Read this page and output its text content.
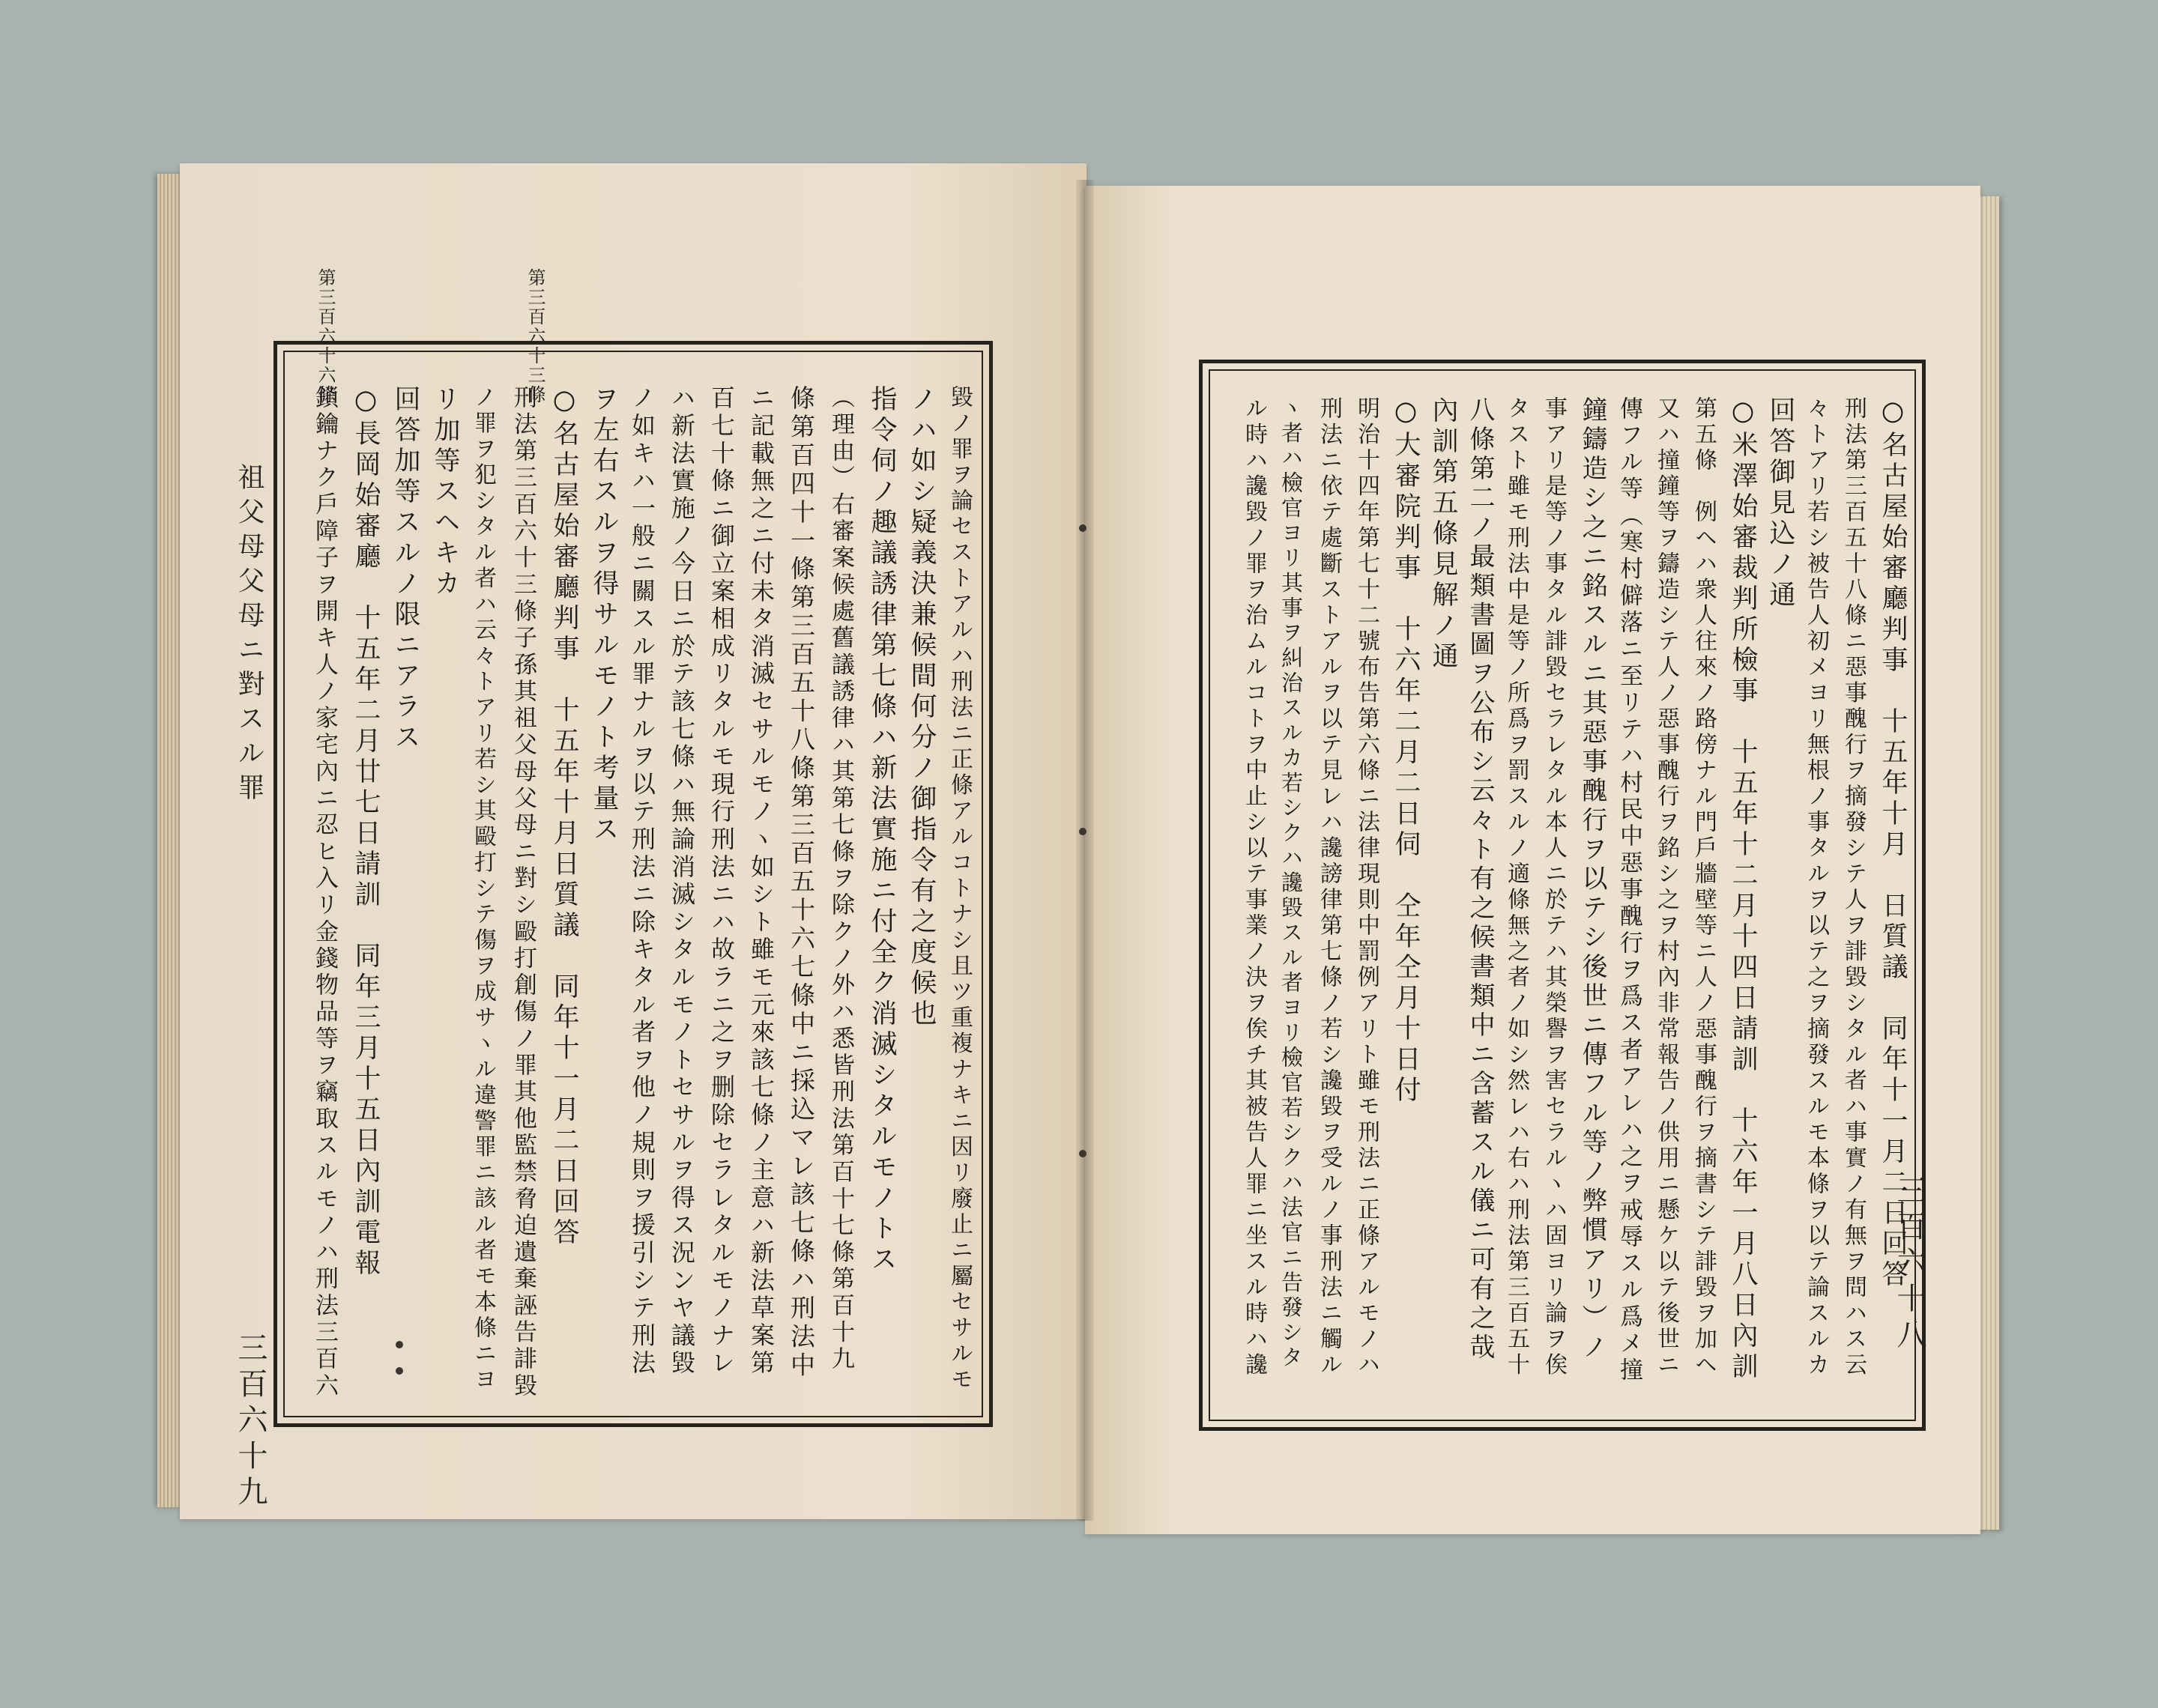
祖父母父母ニ對スル罪
三百六十九
第三百六十六條	第三百六十三條
三百六十八

毀ノ罪ヲ論セストアルハ刑法ニ正條アルコトナシ且ツ重複ナキニ因リ廢止ニ屬セサルモ
ノハ如シ疑義決兼候間何分ノ御指令有之度候也
指令伺ノ趣議誘律第七條ハ新法實施ニ付全ク消滅シタルモノトス
（理由）右審案候處舊議誘律ハ其第七條ヲ除クノ外ハ悉皆刑法第百十七條第百十九
條第百四十一條第三百五十八條第三百五十六七條中ニ採込マレ該七條ハ刑法中
ニ記載無之ニ付未タ消滅セサルモノヽ如シト雖モ元來該七條ノ主意ハ新法草案第
百七十條ニ御立案相成リタルモ現行刑法ニハ故ラニ之ヲ删除セラレタルモノナレ
ハ新法實施ノ今日ニ於テ該七條ハ無論消滅シタルモノトセサルヲ得ス況ンヤ議毀
ノ如キハ一般ニ關スル罪ナルヲ以テ刑法ニ除キタル者ヲ他ノ規則ヲ援引シテ刑法
ヲ左右スルヲ得サルモノト考量ス
○名古屋始審廳判事　十五年十月日質議　同年十一月二日回答
刑法第三百六十三條子孫其祖父母父母ニ對シ毆打創傷ノ罪其他監禁脅迫遺棄誣告誹毀
ノ罪ヲ犯シタル者ハ云々トアリ若シ其毆打シテ傷ヲ成サヽル違警罪ニ該ル者モ本條ニヨ
リ加等スヘキカ
回答加等スルノ限ニアラス
○長岡始審廳　十五年二月廿七日請訓　同年三月十五日內訓電報
鎖鑰ナク戶障子ヲ開キ人ノ家宅內ニ忍ヒ入リ金錢物品等ヲ竊取スルモノハ刑法三百六	○名古屋始審廳判事　十五年十月　日質議　同年十一月二日回答
刑法第三百五十八條ニ惡事醜行ヲ摘發シテ人ヲ誹毀シタル者ハ事實ノ有無ヲ問ハス云
々トアリ若シ被告人初メヨリ無根ノ事タルヲ以テ之ヲ摘發スルモ本條ヲ以テ論スルカ
回答御見込ノ通
○米澤始審裁判所檢事　十五年十二月十四日請訓　十六年一月八日內訓
第五條　例ヘハ衆人往來ノ路傍ナル門戶牆壁等ニ人ノ惡事醜行ヲ摘書シテ誹毀ヲ加ヘ
又ハ撞鐘等ヲ鑄造シテ人ノ惡事醜行ヲ銘シ之ヲ村內非常報告ノ供用ニ懸ケ以テ後世ニ
傳フル等（寒村僻落ニ至リテハ村民中惡事醜行ヲ爲ス者アレハ之ヲ戒辱スル爲メ撞
鐘鑄造シ之ニ銘スルニ其惡事醜行ヲ以テシ後世ニ傳フル等ノ弊慣アリ）ノ
事アリ是等ノ事タル誹毀セラレタル本人ニ於テハ其榮譽ヲ害セラルヽハ固ヨリ論ヲ俟
タスト雖モ刑法中是等ノ所爲ヲ罰スルノ適條無之者ノ如シ然レハ右ハ刑法第三百五十
八條第二ノ最類書圖ヲ公布シ云々ト有之候書類中ニ含蓄スル儀ニ可有之哉
內訓第五條見解ノ通
○大審院判事　十六年二月二日伺　仝年仝月十日付
明治十四年第七十二號布告第六條ニ法律現則中罰例アリト雖モ刑法ニ正條アルモノハ
刑法ニ依テ處斷ストアルヲ以テ見レハ讒謗律第七條ノ若シ讒毀ヲ受ルノ事刑法ニ觸ル
ヽ者ハ檢官ヨリ其事ヲ糾治スルカ若シクハ讒毀スル者ヨリ檢官若シクハ法官ニ告發シタ
ル時ハ讒毀ノ罪ヲ治ムルコトヲ中止シ以テ事業ノ決ヲ俟チ其被告人罪ニ坐スル時ハ讒
